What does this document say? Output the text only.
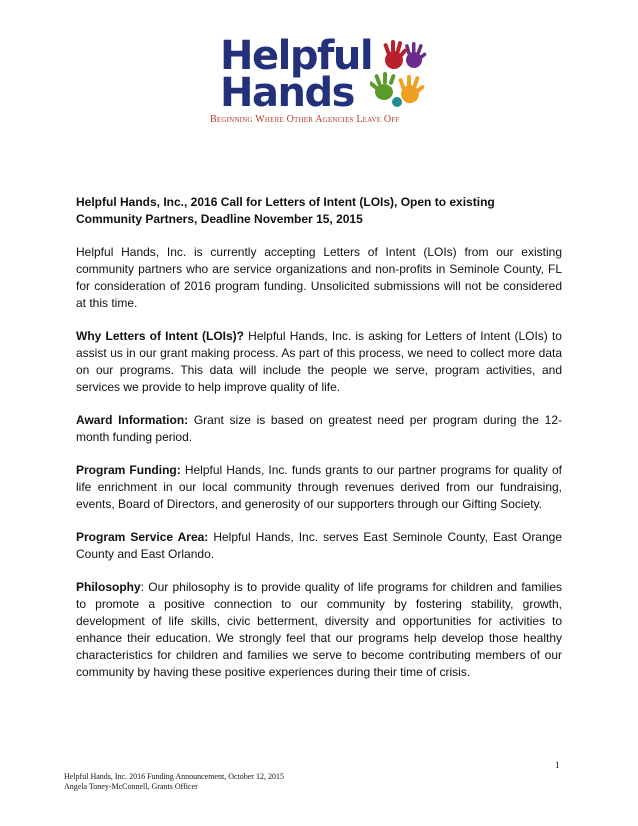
Helpful
Hands
Beginning Where Other Agencies Leave Off

Helpful Hands, Inc., 2016 Call for Letters of Intent (LOIs), Open to existing Community Partners, Deadline November 15, 2015

Helpful Hands, Inc. is currently accepting Letters of Intent (LOIs) from our existing community partners who are service organizations and non-profits in Seminole County, FL for consideration of 2016 program funding. Unsolicited submissions will not be considered at this time.

Why Letters of Intent (LOIs)? Helpful Hands, Inc. is asking for Letters of Intent (LOIs) to assist us in our grant making process. As part of this process, we need to collect more data on our programs. This data will include the people we serve, program activities, and services we provide to help improve quality of life.

Award Information: Grant size is based on greatest need per program during the 12-month funding period.

Program Funding: Helpful Hands, Inc. funds grants to our partner programs for quality of life enrichment in our local community through revenues derived from our fundraising, events, Board of Directors, and generosity of our supporters through our Gifting Society.

Program Service Area: Helpful Hands, Inc. serves East Seminole County, East Orange County and East Orlando.

Philosophy: Our philosophy is to provide quality of life programs for children and families to promote a positive connection to our community by fostering stability, growth, development of life skills, civic betterment, diversity and opportunities for activities to enhance their education. We strongly feel that our programs help develop those healthy characteristics for children and families we serve to become contributing members of our community by having these positive experiences during their time of crisis.

1
Helpful Hands, Inc. 2016 Funding Announcement, October 12, 2015
Angela Toney-McConnell, Grants Officer
